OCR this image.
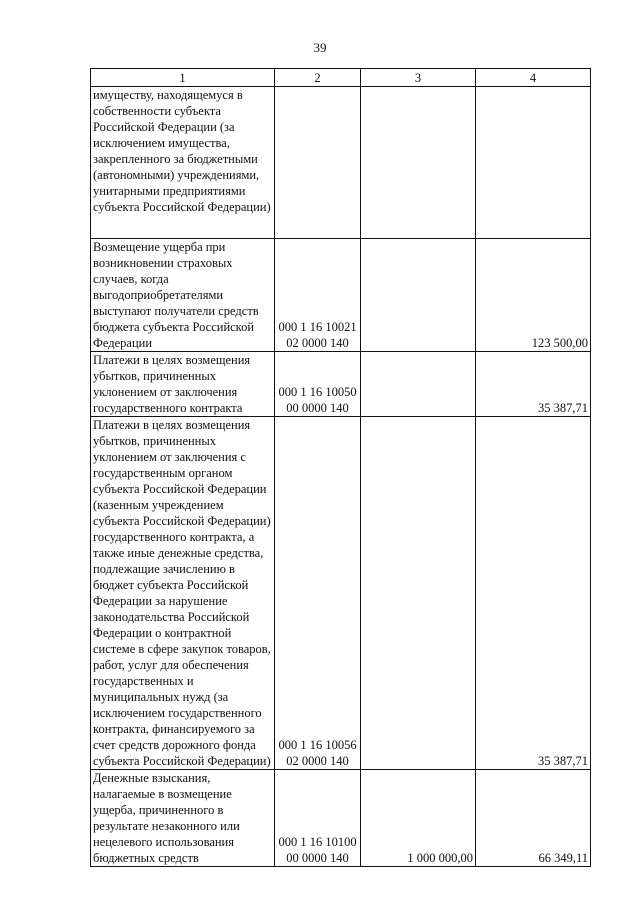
39
1	2	3	4
имуществу, находящемуся в собственности субъекта Российской Федерации (за исключением имущества, закрепленного за бюджетными (автономными) учреждениями, унитарными предприятиями субъекта Российской Федерации)			
Возмещение ущерба при возникновении страховых случаев, когда выгодоприобретателями выступают получатели средств бюджета субъекта Российской Федерации	000 1 16 10021 02 0000 140		123 500,00
Платежи в целях возмещения убытков, причиненных уклонением от заключения государственного контракта	000 1 16 10050 00 0000 140		35 387,71
Платежи в целях возмещения убытков, причиненных уклонением от заключения с государственным органом субъекта Российской Федерации (казенным учреждением субъекта Российской Федерации) государственного контракта, а также иные денежные средства, подлежащие зачислению в бюджет субъекта Российской Федерации за нарушение законодательства Российской Федерации о контрактной системе в сфере закупок товаров, работ, услуг для обеспечения государственных и муниципальных нужд (за исключением государственного контракта, финансируемого за счет средств дорожного фонда субъекта Российской Федерации)	000 1 16 10056 02 0000 140		35 387,71
Денежные взыскания, налагаемые в возмещение ущерба, причиненного в результате незаконного или нецелевого использования бюджетных средств	000 1 16 10100 00 0000 140	1 000 000,00	66 349,11
